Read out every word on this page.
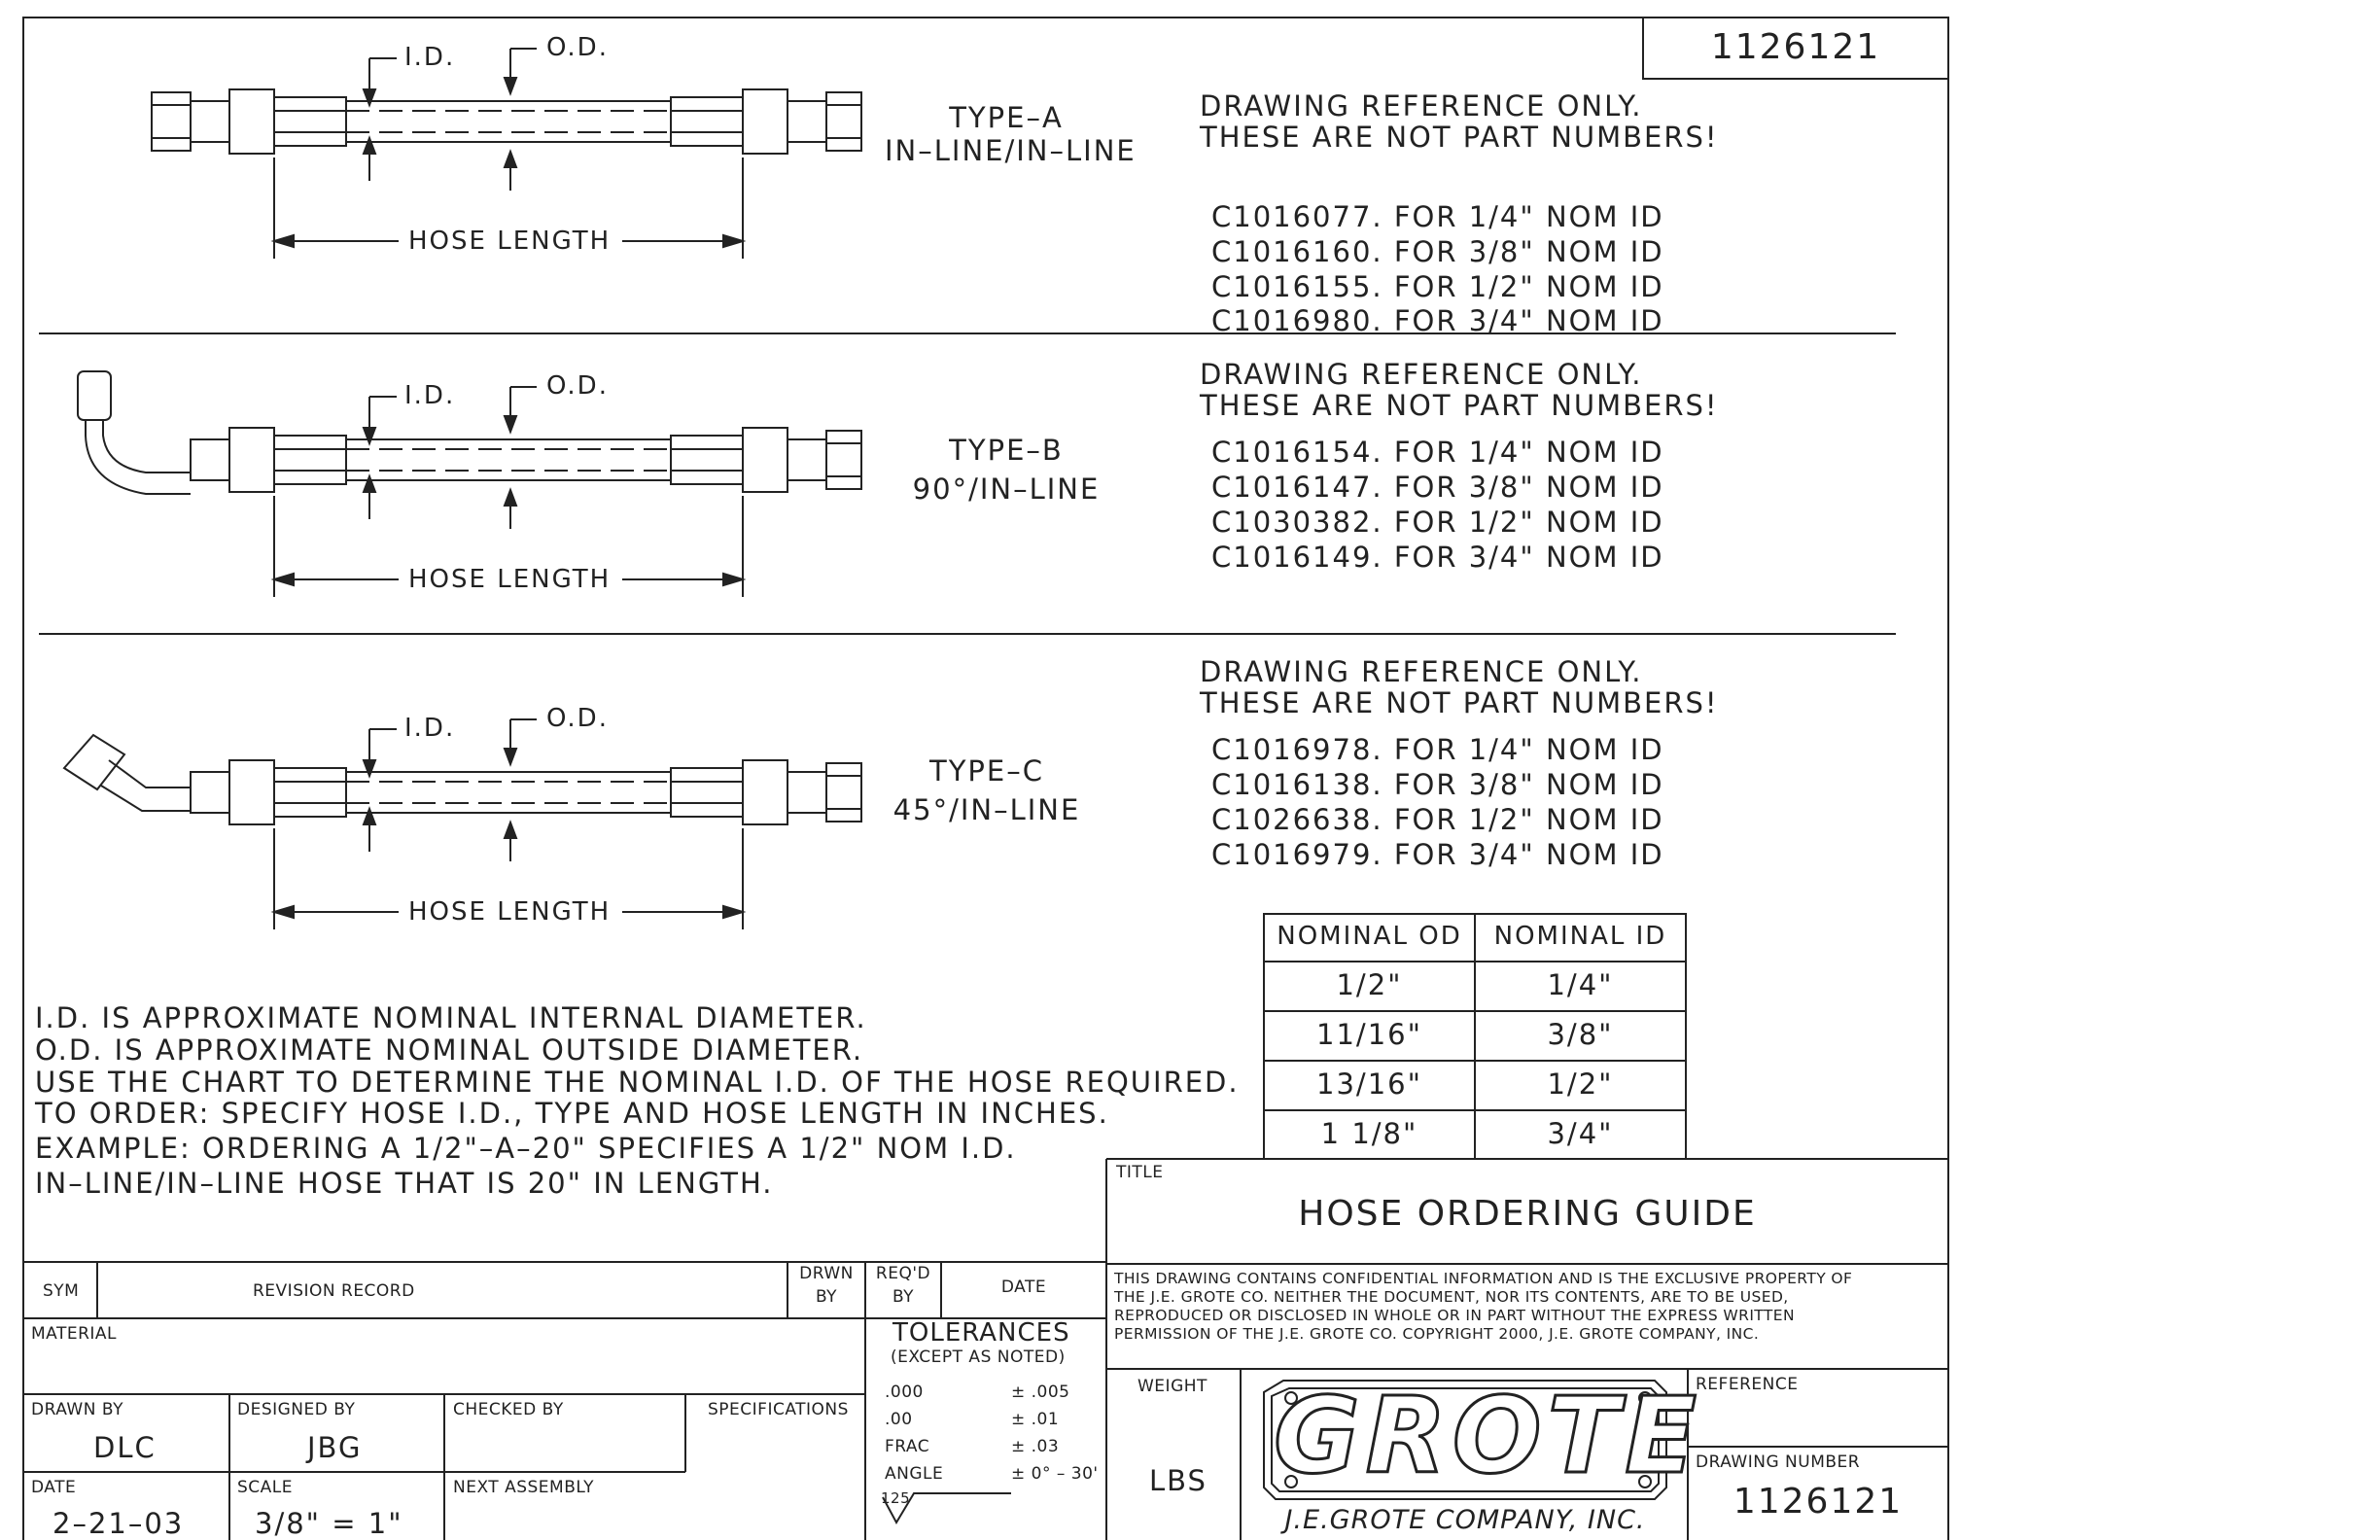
1126121
I.D.	O.D.
HOSE LENGTH
I.D.	O.D.
HOSE LENGTH
I.D.	O.D.
HOSE LENGTH
TYPE–A
IN–LINE/IN–LINE
TYPE–B
90°/IN–LINE
TYPE–C
45°/IN–LINE
DRAWING REFERENCE ONLY.
THESE ARE NOT PART NUMBERS!
C1016077. FOR 1/4" NOM ID
C1016160. FOR 3/8" NOM ID
C1016155. FOR 1/2" NOM ID
C1016980. FOR 3/4" NOM ID
DRAWING REFERENCE ONLY.
THESE ARE NOT PART NUMBERS!
C1016154. FOR 1/4" NOM ID
C1016147. FOR 3/8" NOM ID
C1030382. FOR 1/2" NOM ID
C1016149. FOR 3/4" NOM ID
DRAWING REFERENCE ONLY.
THESE ARE NOT PART NUMBERS!
C1016978. FOR 1/4" NOM ID
C1016138. FOR 3/8" NOM ID
C1026638. FOR 1/2" NOM ID
C1016979. FOR 3/4" NOM ID
NOMINAL OD	NOMINAL ID
1/2"	1/4"
11/16"	3/8"
13/16"	1/2"
1 1/8"	3/4"
I.D. IS APPROXIMATE NOMINAL INTERNAL DIAMETER.
O.D. IS APPROXIMATE NOMINAL OUTSIDE DIAMETER.
USE THE CHART TO DETERMINE THE NOMINAL I.D. OF THE HOSE REQUIRED.
TO ORDER: SPECIFY HOSE I.D., TYPE AND HOSE LENGTH IN INCHES.
EXAMPLE: ORDERING A 1/2"–A–20" SPECIFIES A 1/2" NOM I.D.
IN–LINE/IN–LINE HOSE THAT IS 20" IN LENGTH.	TITLE
HOSE ORDERING GUIDE
THIS DRAWING CONTAINS CONFIDENTIAL INFORMATION AND IS THE EXCLUSIVE PROPERTY OF
THE J.E. GROTE CO. NEITHER THE DOCUMENT, NOR ITS CONTENTS, ARE TO BE USED,
REPRODUCED OR DISCLOSED IN WHOLE OR IN PART WITHOUT THE EXPRESS WRITTEN
PERMISSION OF THE J.E. GROTE CO. COPYRIGHT 2000, J.E. GROTE COMPANY, INC.
WEIGHT
LBS GROTE
J.E.GROTE COMPANY, INC.
REFERENCE
DRAWING NUMBER
1126121
SYM	REVISION RECORD
DRWN
BY
REQ'D
BY	DATE
MATERIAL
DRAWN BY
DLC
DESIGNED BY
JBG
CHECKED BY	SPECIFICATIONS
DATE
2–21–03
SCALE
3/8" = 1"
NEXT ASSEMBLY
TOLERANCES
(EXCEPT AS NOTED)
.000	± .005
.00	± .01
FRAC	± .03
ANGLE	± 0° – 30'
125
